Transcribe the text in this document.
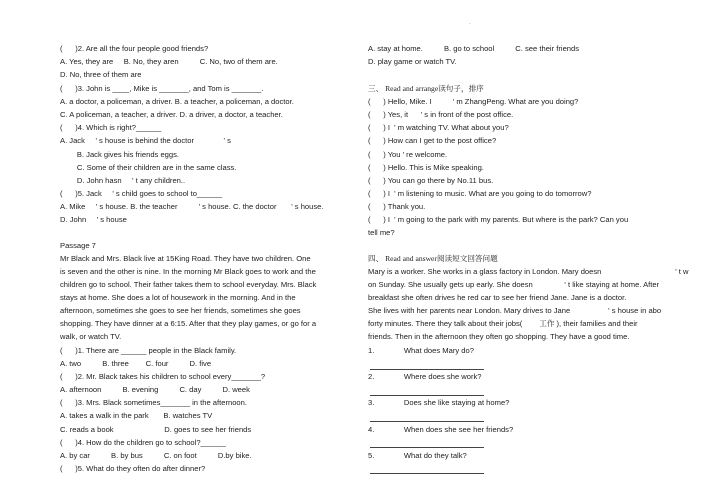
.
(      )2. Are all the four people good friends?
A. Yes, they are     B. No, they aren          C. No, two of them are.
D. No, three of them are
(      )3. John is ____, Mike is _______, and Tom is _______.
A. a doctor, a policeman, a driver. B. a teacher, a policeman, a doctor.
C. A policeman, a teacher, a driver. D. a driver, a doctor, a teacher.
(      )4. Which is right?______
A. Jack     ' s house is behind the doctor              ' s
B. Jack gives his friends eggs.
C. Some of their children are in the same class.
D. John hasn     ' t any children..
(      )5. Jack     ' s child goes to school to______
A. Mike     ' s house. B. the teacher          ' s house. C. the doctor       ' s house.
D. John     ' s house
Passage 7
Mr Black and Mrs. Black live at 15King Road. They have two children. One
is seven and the other is nine. In the morning Mr Black goes to work and the
children go to school. Their father takes them to school everyday. Mrs. Black
stays at home. She does a lot of housework in the morning. And in the
afternoon, sometimes she goes to see her friends, sometimes she goes
shopping. They have dinner at a 6:15. After that they play games, or go for a
walk, or watch TV.
(      )1. There are ______ people in the Black family.
A. two          B. three        C. four          D. five
(      )2. Mr. Black takes his children to school every_______?
A. afternoon          B. evening          C. day          D. week
(      )3. Mrs. Black sometimes_______ in the afternoon.
A. takes a walk in the park       B. watches TV
C. reads a book                        D. goes to see her friends
(      )4. How do the children go to school?______
A. by car          B. by bus          C. on foot          D.by bike.
(      )5. What do they often do after dinner?
A. stay at home.          B. go to school          C. see their friends
D. play game or watch TV.
三、 Read and arrange读句子，排序
(      ) Hello, Mike. I          ' m ZhangPeng. What are you doing?
(      ) Yes, it      ' s in front of the post office.
(      ) I  ' m watching TV. What about you?
(      ) How can I get to the post office?
(      ) You ' re welcome.
(      ) Hello. This is Mike speaking.
(      ) You can go there by No.11 bus.
(      ) I  ' m listening to music. What are you going to do tomorrow?
(      ) Thank you.
(      ) I  ' m going to the park with my parents. But where is the park? Can you
tell me?
四、 Read and answer阅读短文回答问题
Mary is a worker. She works in a glass factory in London. Mary doesn                                   ' t w
on Sunday. She usually gets up early. She doesn               ' t like staying at home. After
breakfast she often drives he red car to see her friend Jane. Jane is a doctor.
She lives with her parents near London. Mary drives to Jane                  ' s house in abo
forty minutes. There they talk about their jobs(        工作 ), their families and their
friends. Then in the afternoon they often go shopping. They have a good time.
1.              What does Mary do?
2.              Where does she work?
3.              Does she like staying at home?
4.              When does she see her friends?
5.              What do they talk?
